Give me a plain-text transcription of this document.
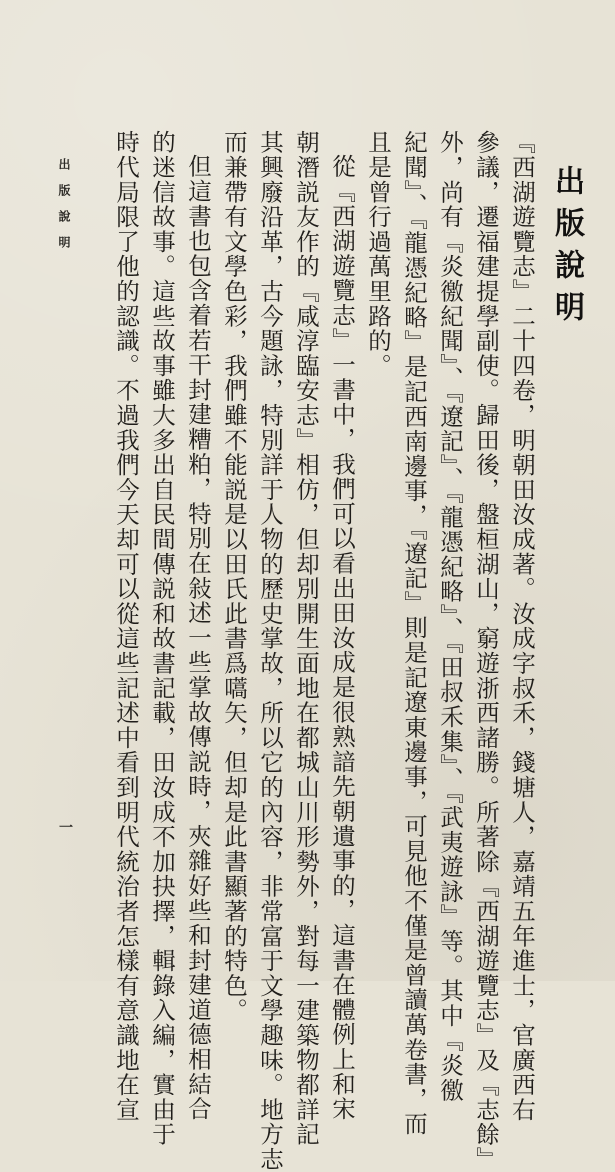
出版說明
『西湖遊覽志』二十四卷，明朝田汝成著。汝成字叔禾，錢塘人，嘉靖五年進士，官廣西右
參議，遷福建提學副使。歸田後，盤桓湖山，窮遊浙西諸勝。所著除『西湖遊覽志』及『志餘』
外，尚有『炎徼紀聞』、『遼記』、『龍憑紀略』、『田叔禾集』、『武夷遊詠』等。其中『炎徼
紀聞』、『龍憑紀略』是記西南邊事，『遼記』則是記遼東邊事，可見他不僅是曾讀萬卷書，而
且是曾行過萬里路的。
從『西湖遊覽志』一書中，我們可以看出田汝成是很熟諳先朝遺事的，這書在體例上和宋
朝潛説友作的『咸淳臨安志』相仿，但却別開生面地在都城山川形勢外，對每一建築物都詳記
其興廢沿革，古今題詠，特別詳于人物的歷史掌故，所以它的內容，非常富于文學趣味。地方志
而兼帶有文學色彩，我們雖不能説是以田氏此書爲嚆矢，但却是此書顯著的特色。
但這書也包含着若干封建糟粕，特別在敍述一些掌故傳説時，夾雜好些和封建道德相結合
的迷信故事。這些故事雖大多出自民間傳説和故書記載，田汝成不加抉擇，輯錄入編，實由于
時代局限了他的認識。不過我們今天却可以從這些記述中看到明代統治者怎樣有意識地在宣
出版說明
一
